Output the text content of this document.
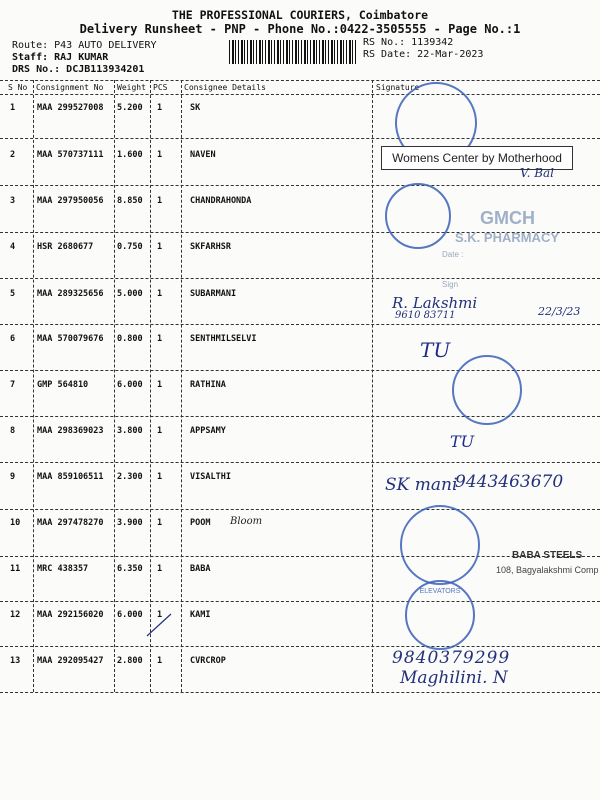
THE PROFESSIONAL COURIERS, Coimbatore
Delivery Runsheet - PNP - Phone No.:0422-3505555 - Page No.:1
Route: P43 AUTO DELIVERY
Staff: RAJ KUMAR
DRS No.: DCJB113934201
RS No.: 1139342
RS Date: 22-Mar-2023
S No Consignment No Weight PCS Consignee Details	Signature
1	MAA 299527008 5.200 1	SK
2	MAA 570737111 1.600 1	NAVEN
3	MAA 297950056 8.850 1	CHANDRAHONDA
4	HSR 2680677	0.750 1	SKFARHSR
5	MAA 289325656 5.000 1	SUBARMANI
6	MAA 570079676 0.800 1	SENTHMILSELVI
7	GMP 564810	6.000 1	RATHINA
8	MAA 298369023 3.800 1	APPSAMY
9	MAA 859106511 2.300 1	VISALTHI
10 MAA 297478270 3.900 1	POOM
11 MRC 438357	6.350 1	BABA
12 MAA 292156020 6.000 1	KAMI
13 MAA 292095427 2.800 1	CVRCROP
Womens Center by Motherhood
V. Bal
GMCH
S.K. PHARMACY
Date :
Sign
R. Lakshmi
9610 83711	22/3/23
TU
TU
SK mani
9443463670
Bloom
BABA STEELS
108, Bagyalakshmi Comp
ELEVATORS
9840379299
Maghilini. N
